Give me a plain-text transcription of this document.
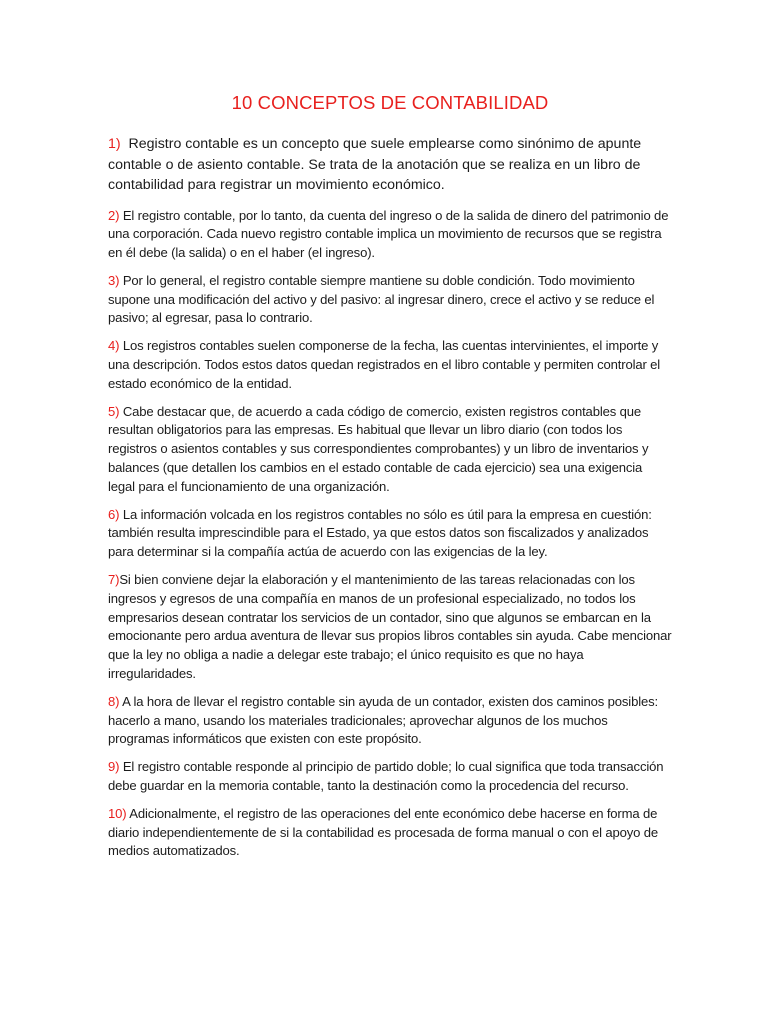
10 CONCEPTOS DE CONTABILIDAD

1) Registro contable es un concepto que suele emplearse como sinónimo de apunte contable o de asiento contable. Se trata de la anotación que se realiza en un libro de contabilidad para registrar un movimiento económico.

2) El registro contable, por lo tanto, da cuenta del ingreso o de la salida de dinero del patrimonio de una corporación. Cada nuevo registro contable implica un movimiento de recursos que se registra en él debe (la salida) o en el haber (el ingreso).

3) Por lo general, el registro contable siempre mantiene su doble condición. Todo movimiento supone una modificación del activo y del pasivo: al ingresar dinero, crece el activo y se reduce el pasivo; al egresar, pasa lo contrario.

4) Los registros contables suelen componerse de la fecha, las cuentas intervinientes, el importe y una descripción. Todos estos datos quedan registrados en el libro contable y permiten controlar el estado económico de la entidad.

5) Cabe destacar que, de acuerdo a cada código de comercio, existen registros contables que resultan obligatorios para las empresas. Es habitual que llevar un libro diario (con todos los registros o asientos contables y sus correspondientes comprobantes) y un libro de inventarios y balances (que detallen los cambios en el estado contable de cada ejercicio) sea una exigencia legal para el funcionamiento de una organización.

6) La información volcada en los registros contables no sólo es útil para la empresa en cuestión: también resulta imprescindible para el Estado, ya que estos datos son fiscalizados y analizados para determinar si la compañía actúa de acuerdo con las exigencias de la ley.

7)Si bien conviene dejar la elaboración y el mantenimiento de las tareas relacionadas con los ingresos y egresos de una compañía en manos de un profesional especializado, no todos los empresarios desean contratar los servicios de un contador, sino que algunos se embarcan en la emocionante pero ardua aventura de llevar sus propios libros contables sin ayuda. Cabe mencionar que la ley no obliga a nadie a delegar este trabajo; el único requisito es que no haya irregularidades.

8) A la hora de llevar el registro contable sin ayuda de un contador, existen dos caminos posibles: hacerlo a mano, usando los materiales tradicionales; aprovechar algunos de los muchos programas informáticos que existen con este propósito.

9) El registro contable responde al principio de partido doble; lo cual significa que toda transacción debe guardar en la memoria contable, tanto la destinación como la procedencia del recurso.

10) Adicionalmente, el registro de las operaciones del ente económico debe hacerse en forma de diario independientemente de si la contabilidad es procesada de forma manual o con el apoyo de medios automatizados.
